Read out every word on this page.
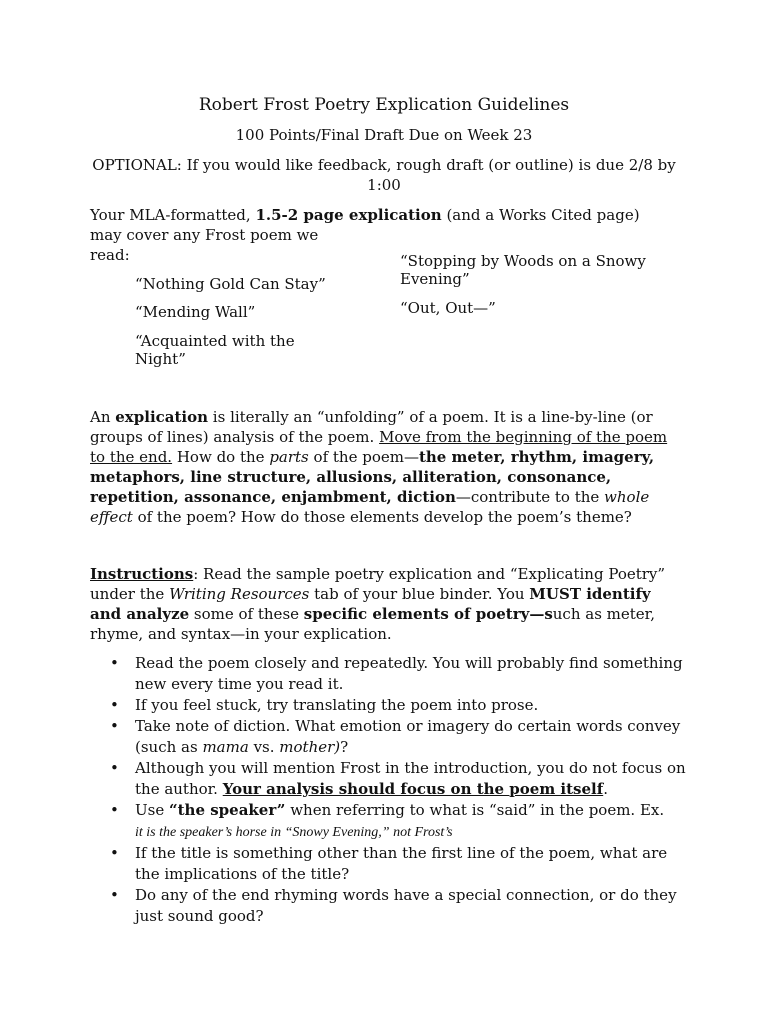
Robert Frost Poetry Explication Guidelines

100 Points/Final Draft Due on Week 23

OPTIONAL: If you would like feedback, rough draft (or outline) is due 2/8 by 1:00

Your MLA-formatted, 1.5-2 page explication (and a Works Cited page)
may cover any Frost poem we
read:

“Nothing Gold Can Stay”

“Mending Wall”

“Acquainted with the Night”

“Stopping by Woods on a Snowy Evening”

“Out, Out—”

An explication is literally an “unfolding” of a poem. It is a line-by-line (or groups of lines) analysis of the poem. Move from the beginning of the poem to the end. How do the parts of the poem—the meter, rhythm, imagery, metaphors, line structure, allusions, alliteration, consonance, repetition, assonance, enjambment, diction—contribute to the whole effect of the poem? How do those elements develop the poem’s theme?

Instructions: Read the sample poetry explication and “Explicating Poetry” under the Writing Resources tab of your blue binder. You MUST identify and analyze some of these specific elements of poetry—such as meter, rhyme, and syntax—in your explication.

• Read the poem closely and repeatedly. You will probably find something new every time you read it.
• If you feel stuck, try translating the poem into prose.
• Take note of diction. What emotion or imagery do certain words convey (such as mama vs. mother)?
• Although you will mention Frost in the introduction, you do not focus on the author. Your analysis should focus on the poem itself.
• Use “the speaker” when referring to what is “said” in the poem. Ex.
it is the speaker’s horse in “Snowy Evening,” not Frost’s
• If the title is something other than the first line of the poem, what are the implications of the title?
• Do any of the end rhyming words have a special connection, or do they just sound good?
